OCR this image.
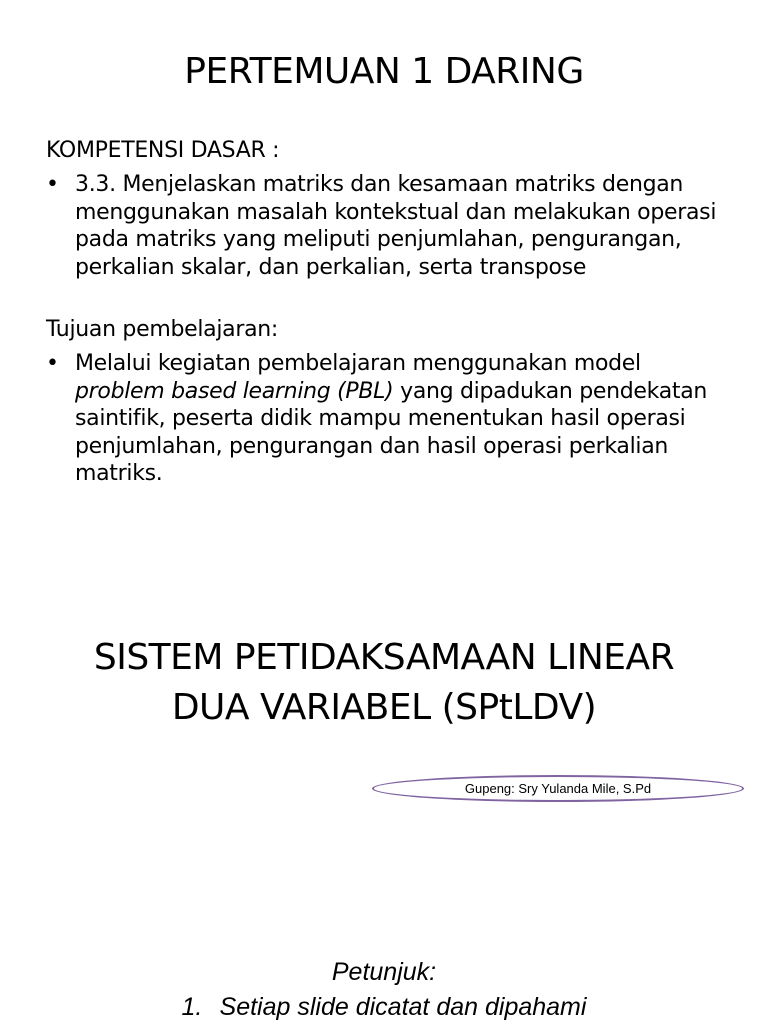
PERTEMUAN 1 DARING
KOMPETENSI DASAR :
• 3.3. Menjelaskan matriks dan kesamaan matriks dengan menggunakan masalah kontekstual dan melakukan operasi pada matriks yang meliputi penjumlahan, pengurangan, perkalian skalar, dan perkalian, serta transpose
Tujuan pembelajaran:
• Melalui kegiatan pembelajaran menggunakan model problem based learning (PBL) yang dipadukan pendekatan saintifik, peserta didik mampu menentukan hasil operasi penjumlahan, pengurangan dan hasil operasi perkalian matriks.
SISTEM PETIDAKSAMAAN LINEAR
DUA VARIABEL (SPtLDV)
Gupeng: Sry Yulanda Mile, S.Pd
Petunjuk:
1. Setiap slide dicatat dan dipahami
